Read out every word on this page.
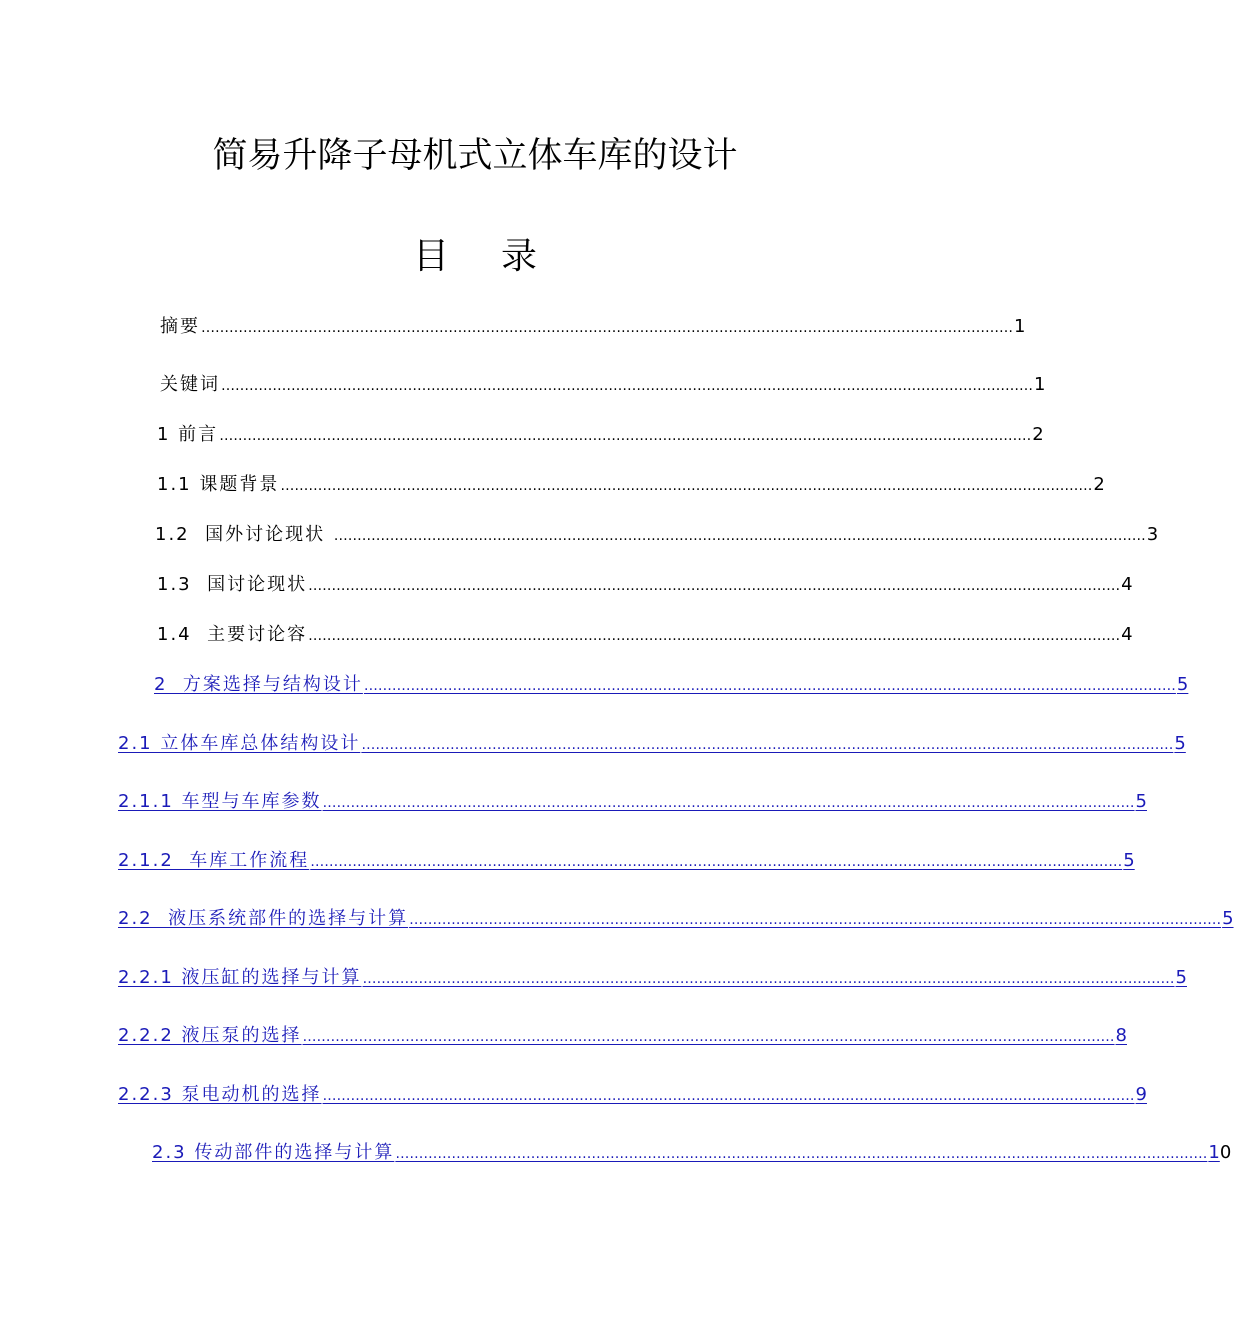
简易升降子母机式立体车库的设计
目 录
摘要 ………………………………………………………………………………………………………………………………………………………… 1
关键词 ………………………………………………………………………………………………………………………………………………………… 1
1 前言 ………………………………………………………………………………………………………………………………………………………… 2
1.1 课题背景 ………………………………………………………………………………………………………………………………………………………… 2
1.2  国外讨论现状 ………………………………………………………………………………………………………………………………………………………… 3
1.3  国讨论现状 ………………………………………………………………………………………………………………………………………………………… 4
1.4  主要讨论容 ………………………………………………………………………………………………………………………………………………………… 4
2  方案选择与结构设计 ………………………………………………………………………………………………………………………………………………………… 5
2.1 立体车库总体结构设计 ………………………………………………………………………………………………………………………………………………………… 5
2.1.1 车型与车库参数 ………………………………………………………………………………………………………………………………………………………… 5
2.1.2  车库工作流程 ………………………………………………………………………………………………………………………………………………………… 5
2.2  液压系统部件的选择与计算 ………………………………………………………………………………………………………………………………………………………… 5
2.2.1 液压缸的选择与计算 ………………………………………………………………………………………………………………………………………………………… 5
2.2.2 液压泵的选择 ………………………………………………………………………………………………………………………………………………………… 8
2.2.3 泵电动机的选择 ………………………………………………………………………………………………………………………………………………………… 9
2.3 传动部件的选择与计算 ………………………………………………………………………………………………………………………………………………………… 10
